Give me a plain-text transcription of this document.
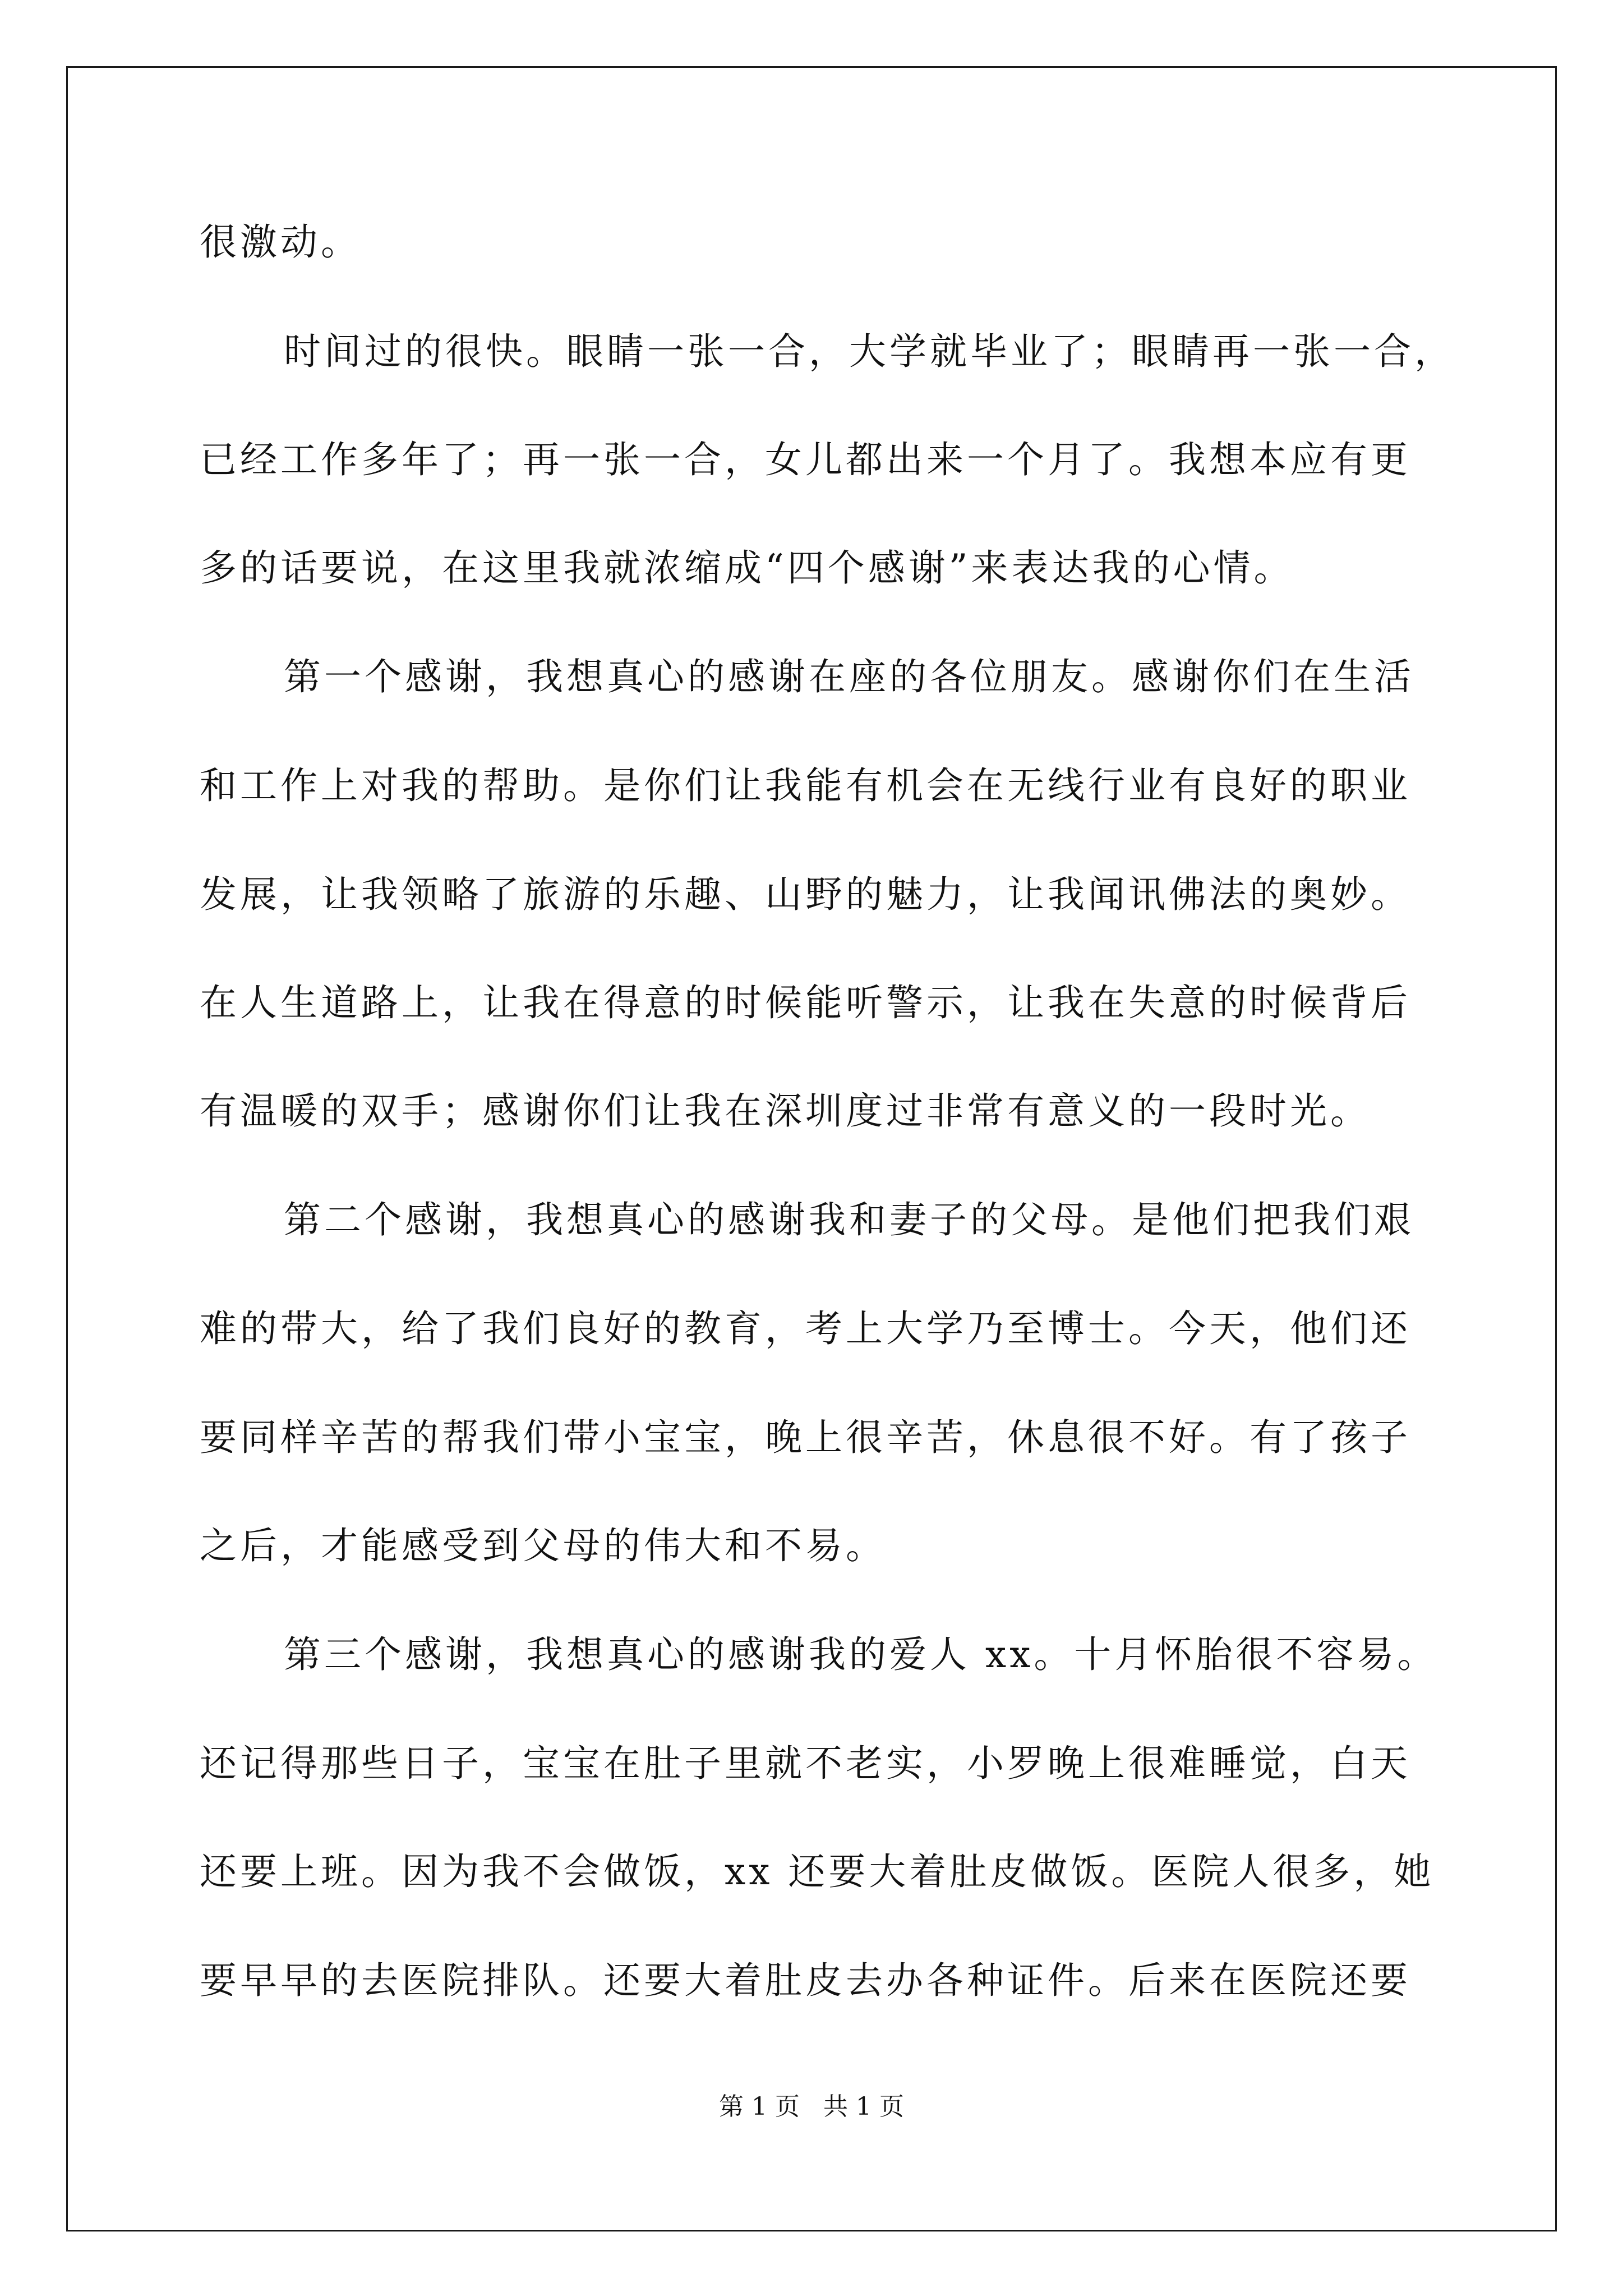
很激动。
时间过的很快。眼睛一张一合，大学就毕业了；眼睛再一张一合，
已经工作多年了；再一张一合，女儿都出来一个月了。我想本应有更
多的话要说，在这里我就浓缩成“四个感谢”来表达我的心情。
第一个感谢，我想真心的感谢在座的各位朋友。感谢你们在生活
和工作上对我的帮助。是你们让我能有机会在无线行业有良好的职业
发展，让我领略了旅游的乐趣、山野的魅力，让我闻讯佛法的奥妙。
在人生道路上，让我在得意的时候能听警示，让我在失意的时候背后
有温暖的双手；感谢你们让我在深圳度过非常有意义的一段时光。
第二个感谢，我想真心的感谢我和妻子的父母。是他们把我们艰
难的带大，给了我们良好的教育，考上大学乃至博士。今天，他们还
要同样辛苦的帮我们带小宝宝，晚上很辛苦，休息很不好。有了孩子
之后，才能感受到父母的伟大和不易。
第三个感谢，我想真心的感谢我的爱人 xx。十月怀胎很不容易。
还记得那些日子，宝宝在肚子里就不老实，小罗晚上很难睡觉，白天
还要上班。因为我不会做饭，xx 还要大着肚皮做饭。医院人很多，她
要早早的去医院排队。还要大着肚皮去办各种证件。后来在医院还要
第 1 页   共 1 页
